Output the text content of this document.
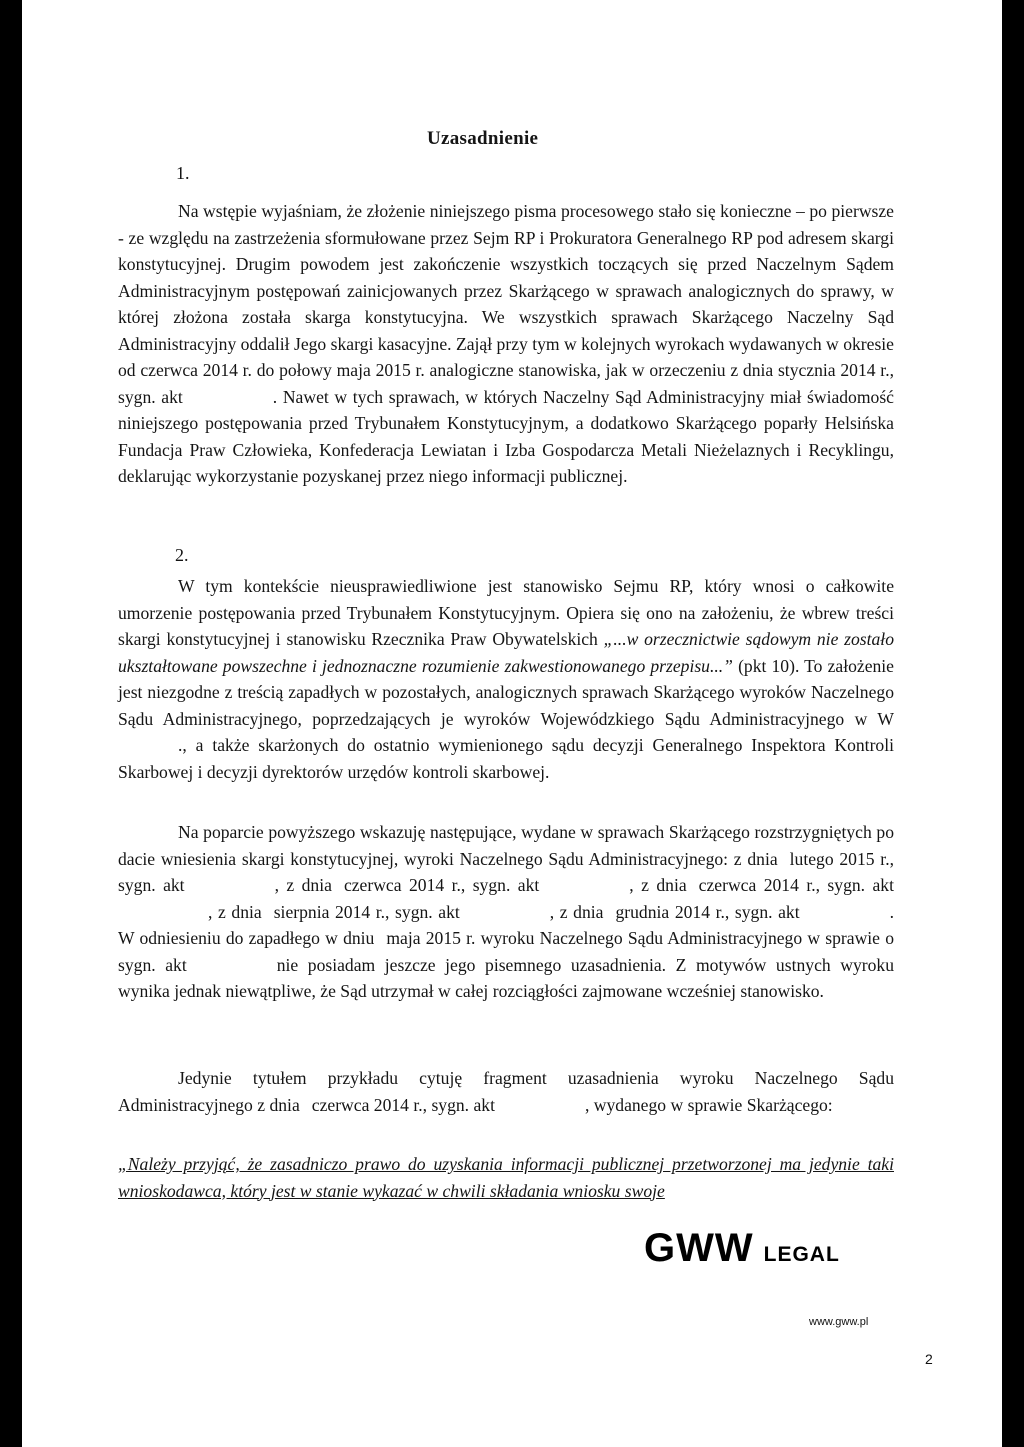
Uzasadnienie
1.

Na wstępie wyjaśniam, że złożenie niniejszego pisma procesowego stało się konieczne – po pierwsze - ze względu na zastrzeżenia sformułowane przez Sejm RP i Prokuratora Generalnego RP pod adresem skargi konstytucyjnej. Drugim powodem jest zakończenie wszystkich toczących się przed Naczelnym Sądem Administracyjnym postępowań zainicjowanych przez Skarżącego w sprawach analogicznych do sprawy, w której złożona została skarga konstytucyjna. We wszystkich sprawach Skarżącego Naczelny Sąd Administracyjny oddalił Jego skargi kasacyjne. Zajął przy tym w kolejnych wyrokach wydawanych w okresie od czerwca 2014 r. do połowy maja 2015 r. analogiczne stanowiska, jak w orzeczeniu z dnia stycznia 2014 r., sygn. akt	. Nawet w tych sprawach, w których Naczelny Sąd Administracyjny miał świadomość niniejszego postępowania przed Trybunałem Konstytucyjnym, a dodatkowo Skarżącego poparły Helsińska Fundacja Praw Człowieka, Konfederacja Lewiatan i Izba Gospodarcza Metali Nieżelaznych i Recyklingu, deklarując wykorzystanie pozyskanej przez niego informacji publicznej.

2.

W tym kontekście nieusprawiedliwione jest stanowisko Sejmu RP, który wnosi o całkowite umorzenie postępowania przed Trybunałem Konstytucyjnym. Opiera się ono na założeniu, że wbrew treści skargi konstytucyjnej i stanowisku Rzecznika Praw Obywatelskich „...w orzecznictwie sądowym nie zostało ukształtowane powszechne i jednoznaczne rozumienie zakwestionowanego przepisu...” (pkt 10). To założenie jest niezgodne z treścią zapadłych w pozostałych, analogicznych sprawach Skarżącego wyroków Naczelnego Sądu Administracyjnego, poprzedzających je wyroków Wojewódzkiego Sądu Administracyjnego w W., a także skarżonych do ostatnio wymienionego sądu decyzji Generalnego Inspektora Kontroli Skarbowej i decyzji dyrektorów urzędów kontroli skarbowej.

Na poparcie powyższego wskazuję następujące, wydane w sprawach Skarżącego rozstrzygniętych po dacie wniesienia skargi konstytucyjnej, wyroki Naczelnego Sądu Administracyjnego: z dnia lutego 2015 r., sygn. akt	, z dnia czerwca 2014 r., sygn. akt	, z dnia czerwca 2014 r., sygn. akt, z dnia sierpnia 2014 r., sygn. akt	, z dnia grudnia 2014 r., sygn. akt	. W odniesieniu do zapadłego w dniu maja 2015 r. wyroku Naczelnego Sądu Administracyjnego w sprawie o sygn. akt	nie posiadam jeszcze jego pisemnego uzasadnienia. Z motywów ustnych wyroku wynika jednak niewątpliwe, że Sąd utrzymał w całej rozciągłości zajmowane wcześniej stanowisko.

Jedynie tytułem przykładu cytuję fragment uzasadnienia wyroku Naczelnego Sądu Administracyjnego z dnia czerwca 2014 r., sygn. akt	, wydanego w sprawie Skarżącego:

„Należy przyjąć, że zasadniczo prawo do uzyskania informacji publicznej przetworzonej ma jedynie taki wnioskodawca, który jest w stanie wykazać w chwili składania wniosku swoje

GWW LEGAL
www.gww.pl
2
